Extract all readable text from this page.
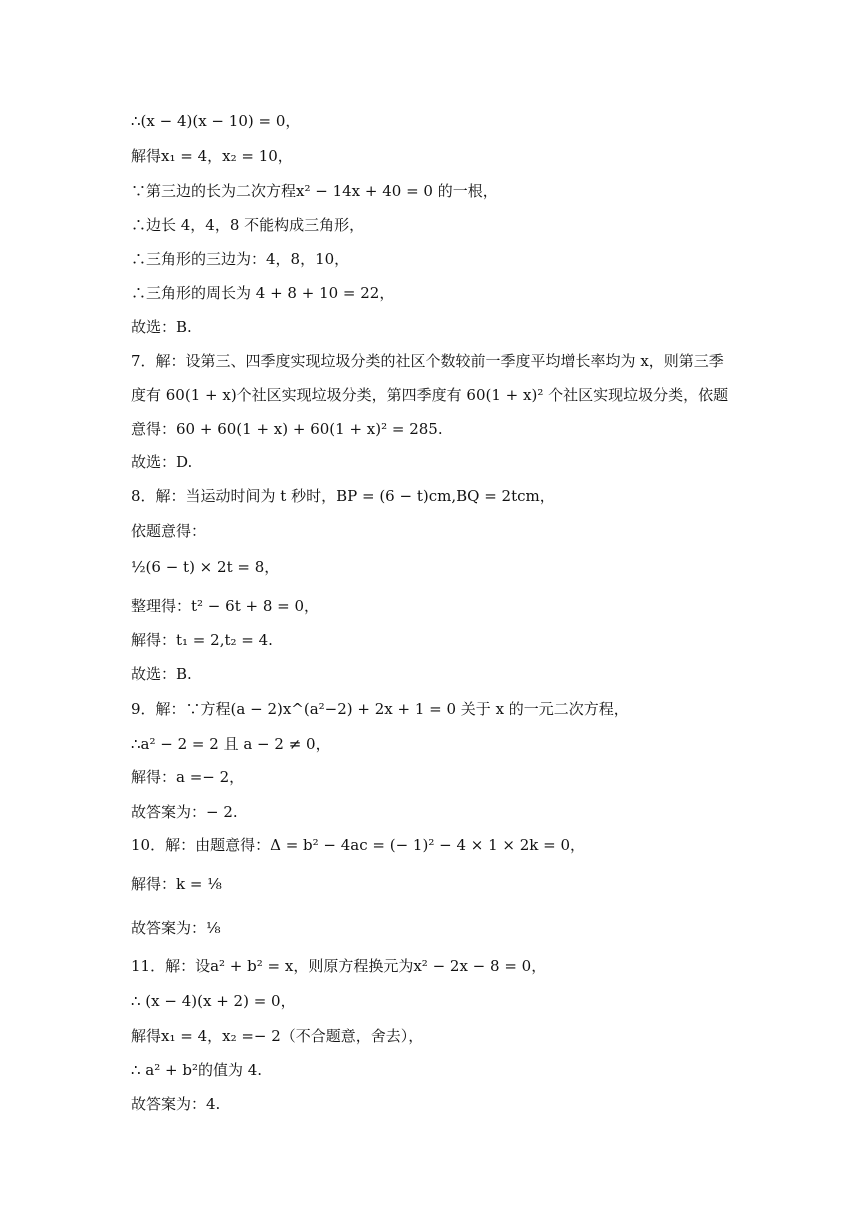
∴(x − 4)(x − 10) = 0，
解得x₁ = 4，x₂ = 10，
∵第三边的长为二次方程x² − 14x + 40 = 0 的一根，
∴边长 4，4，8 不能构成三角形，
∴三角形的三边为：4，8，10，
∴三角形的周长为 4 + 8 + 10 = 22，
故选：B.
7．解：设第三、四季度实现垃圾分类的社区个数较前一季度平均增长率均为 x，则第三季度有 60(1 + x)个社区实现垃圾分类，第四季度有 60(1 + x)² 个社区实现垃圾分类，依题意得：60 + 60(1 + x) + 60(1 + x)² = 285.
故选：D.
8．解：当运动时间为 t 秒时，BP = (6 − t)cm,BQ = 2tcm，
依题意得：
½(6 − t) × 2t = 8，
整理得：t² − 6t + 8 = 0，
解得：t₁ = 2,t₂ = 4.
故选：B.
9．解：∵方程(a − 2)x^(a²−2) + 2x + 1 = 0 关于 x 的一元二次方程，
∴a² − 2 = 2 且 a − 2 ≠ 0，
解得：a =− 2，
故答案为：− 2.
10．解：由题意得：Δ = b² − 4ac = (− 1)² − 4 × 1 × 2k = 0，
解得：k = ⅛
故答案为：⅛
11．解：设a² + b² = x，则原方程换元为x² − 2x − 8 = 0，
∴ (x − 4)(x + 2) = 0，
解得x₁ = 4，x₂ =− 2（不合题意，舍去），
∴ a² + b²的值为 4.
故答案为：4.
